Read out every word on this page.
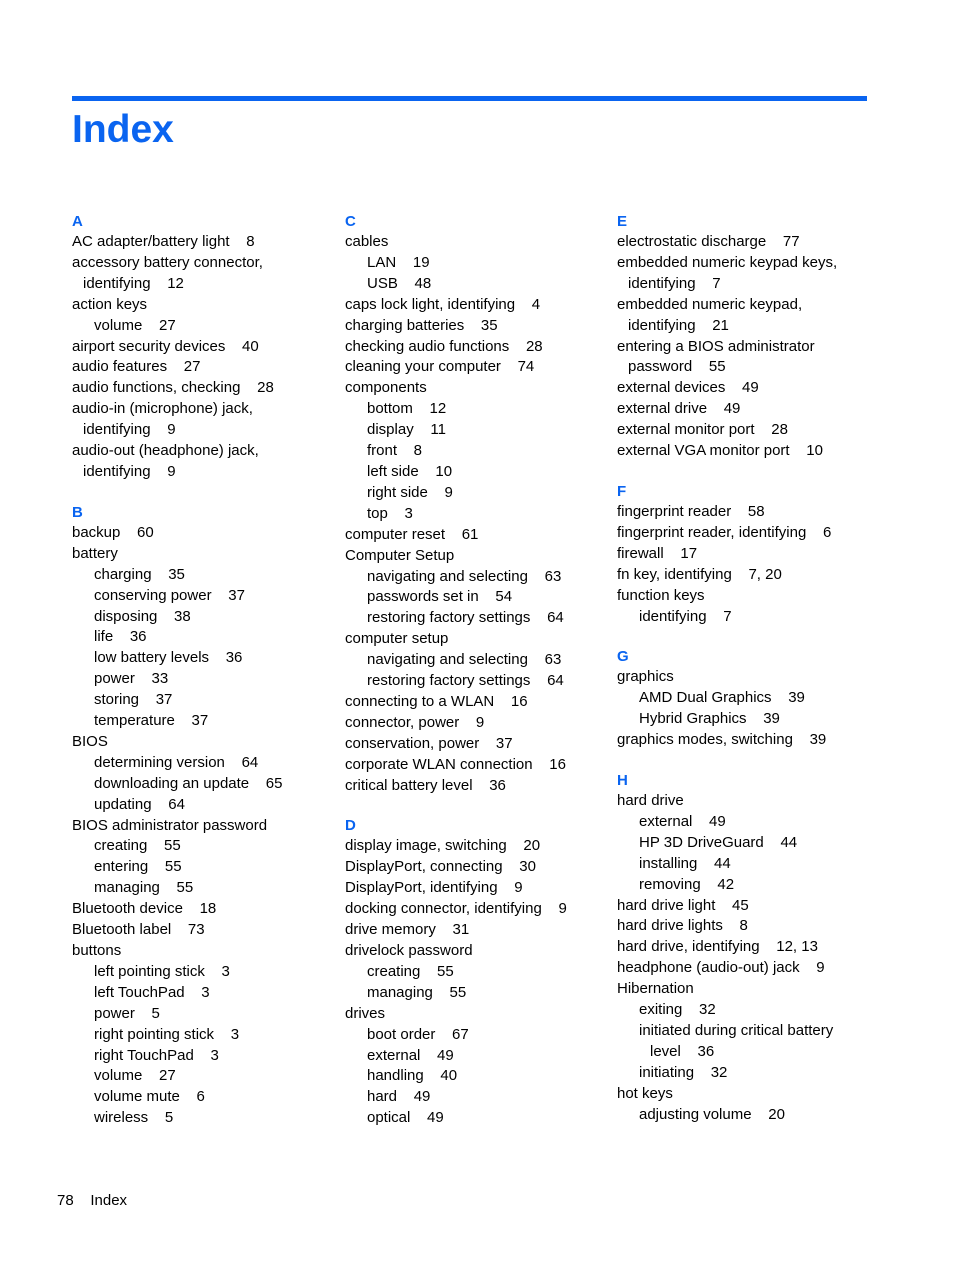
Index
A
AC adapter/battery light    8
accessory battery connector,
identifying    12
action keys
volume    27
airport security devices    40
audio features    27
audio functions, checking    28
audio-in (microphone) jack,
identifying    9
audio-out (headphone) jack,
identifying    9
B
backup    60
battery
charging    35
conserving power    37
disposing    38
life    36
low battery levels    36
power    33
storing    37
temperature    37
BIOS
determining version    64
downloading an update    65
updating    64
BIOS administrator password
creating    55
entering    55
managing    55
Bluetooth device    18
Bluetooth label    73
buttons
left pointing stick    3
left TouchPad    3
power    5
right pointing stick    3
right TouchPad    3
volume    27
volume mute    6
wireless    5
C
cables
LAN    19
USB    48
caps lock light, identifying    4
charging batteries    35
checking audio functions    28
cleaning your computer    74
components
bottom    12
display    11
front    8
left side    10
right side    9
top    3
computer reset    61
Computer Setup
navigating and selecting    63
passwords set in    54
restoring factory settings    64
computer setup
navigating and selecting    63
restoring factory settings    64
connecting to a WLAN    16
connector, power    9
conservation, power    37
corporate WLAN connection    16
critical battery level    36
D
display image, switching    20
DisplayPort, connecting    30
DisplayPort, identifying    9
docking connector, identifying    9
drive memory    31
drivelock password
creating    55
managing    55
drives
boot order    67
external    49
handling    40
hard    49
optical    49
E
electrostatic discharge    77
embedded numeric keypad keys,
identifying    7
embedded numeric keypad,
identifying    21
entering a BIOS administrator
password    55
external devices    49
external drive    49
external monitor port    28
external VGA monitor port    10
F
fingerprint reader    58
fingerprint reader, identifying    6
firewall    17
fn key, identifying    7, 20
function keys
identifying    7
G
graphics
AMD Dual Graphics    39
Hybrid Graphics    39
graphics modes, switching    39
H
hard drive
external    49
HP 3D DriveGuard    44
installing    44
removing    42
hard drive light    45
hard drive lights    8
hard drive, identifying    12, 13
headphone (audio-out) jack    9
Hibernation
exiting    32
initiated during critical battery
level    36
initiating    32
hot keys
adjusting volume    20
78 Index
